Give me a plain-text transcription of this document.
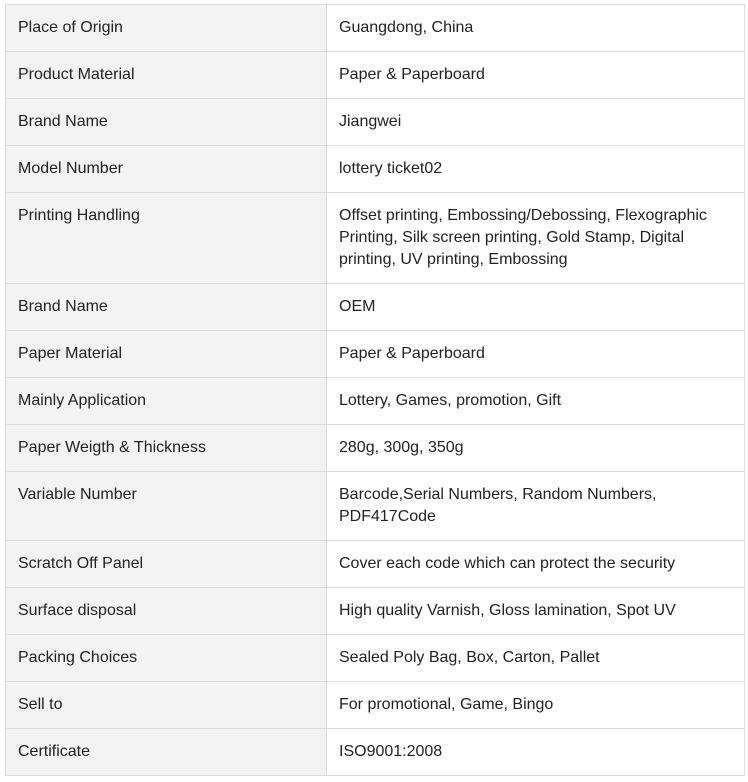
Place of Origin	Guangdong, China
Product Material	Paper & Paperboard
Brand Name	Jiangwei
Model Number	lottery ticket02
Printing Handling	Offset printing, Embossing/Debossing, Flexographic Printing, Silk screen printing, Gold Stamp, Digital printing, UV printing, Embossing
Brand Name	OEM
Paper Material	Paper & Paperboard
Mainly Application	Lottery, Games, promotion, Gift
Paper Weigth & Thickness	280g, 300g, 350g
Variable Number	Barcode,Serial Numbers, Random Numbers, PDF417Code
Scratch Off Panel	Cover each code which can protect the security
Surface disposal	High quality Varnish, Gloss lamination, Spot UV
Packing Choices	Sealed Poly Bag, Box, Carton, Pallet
Sell to	For promotional, Game, Bingo
Certificate	ISO9001:2008
